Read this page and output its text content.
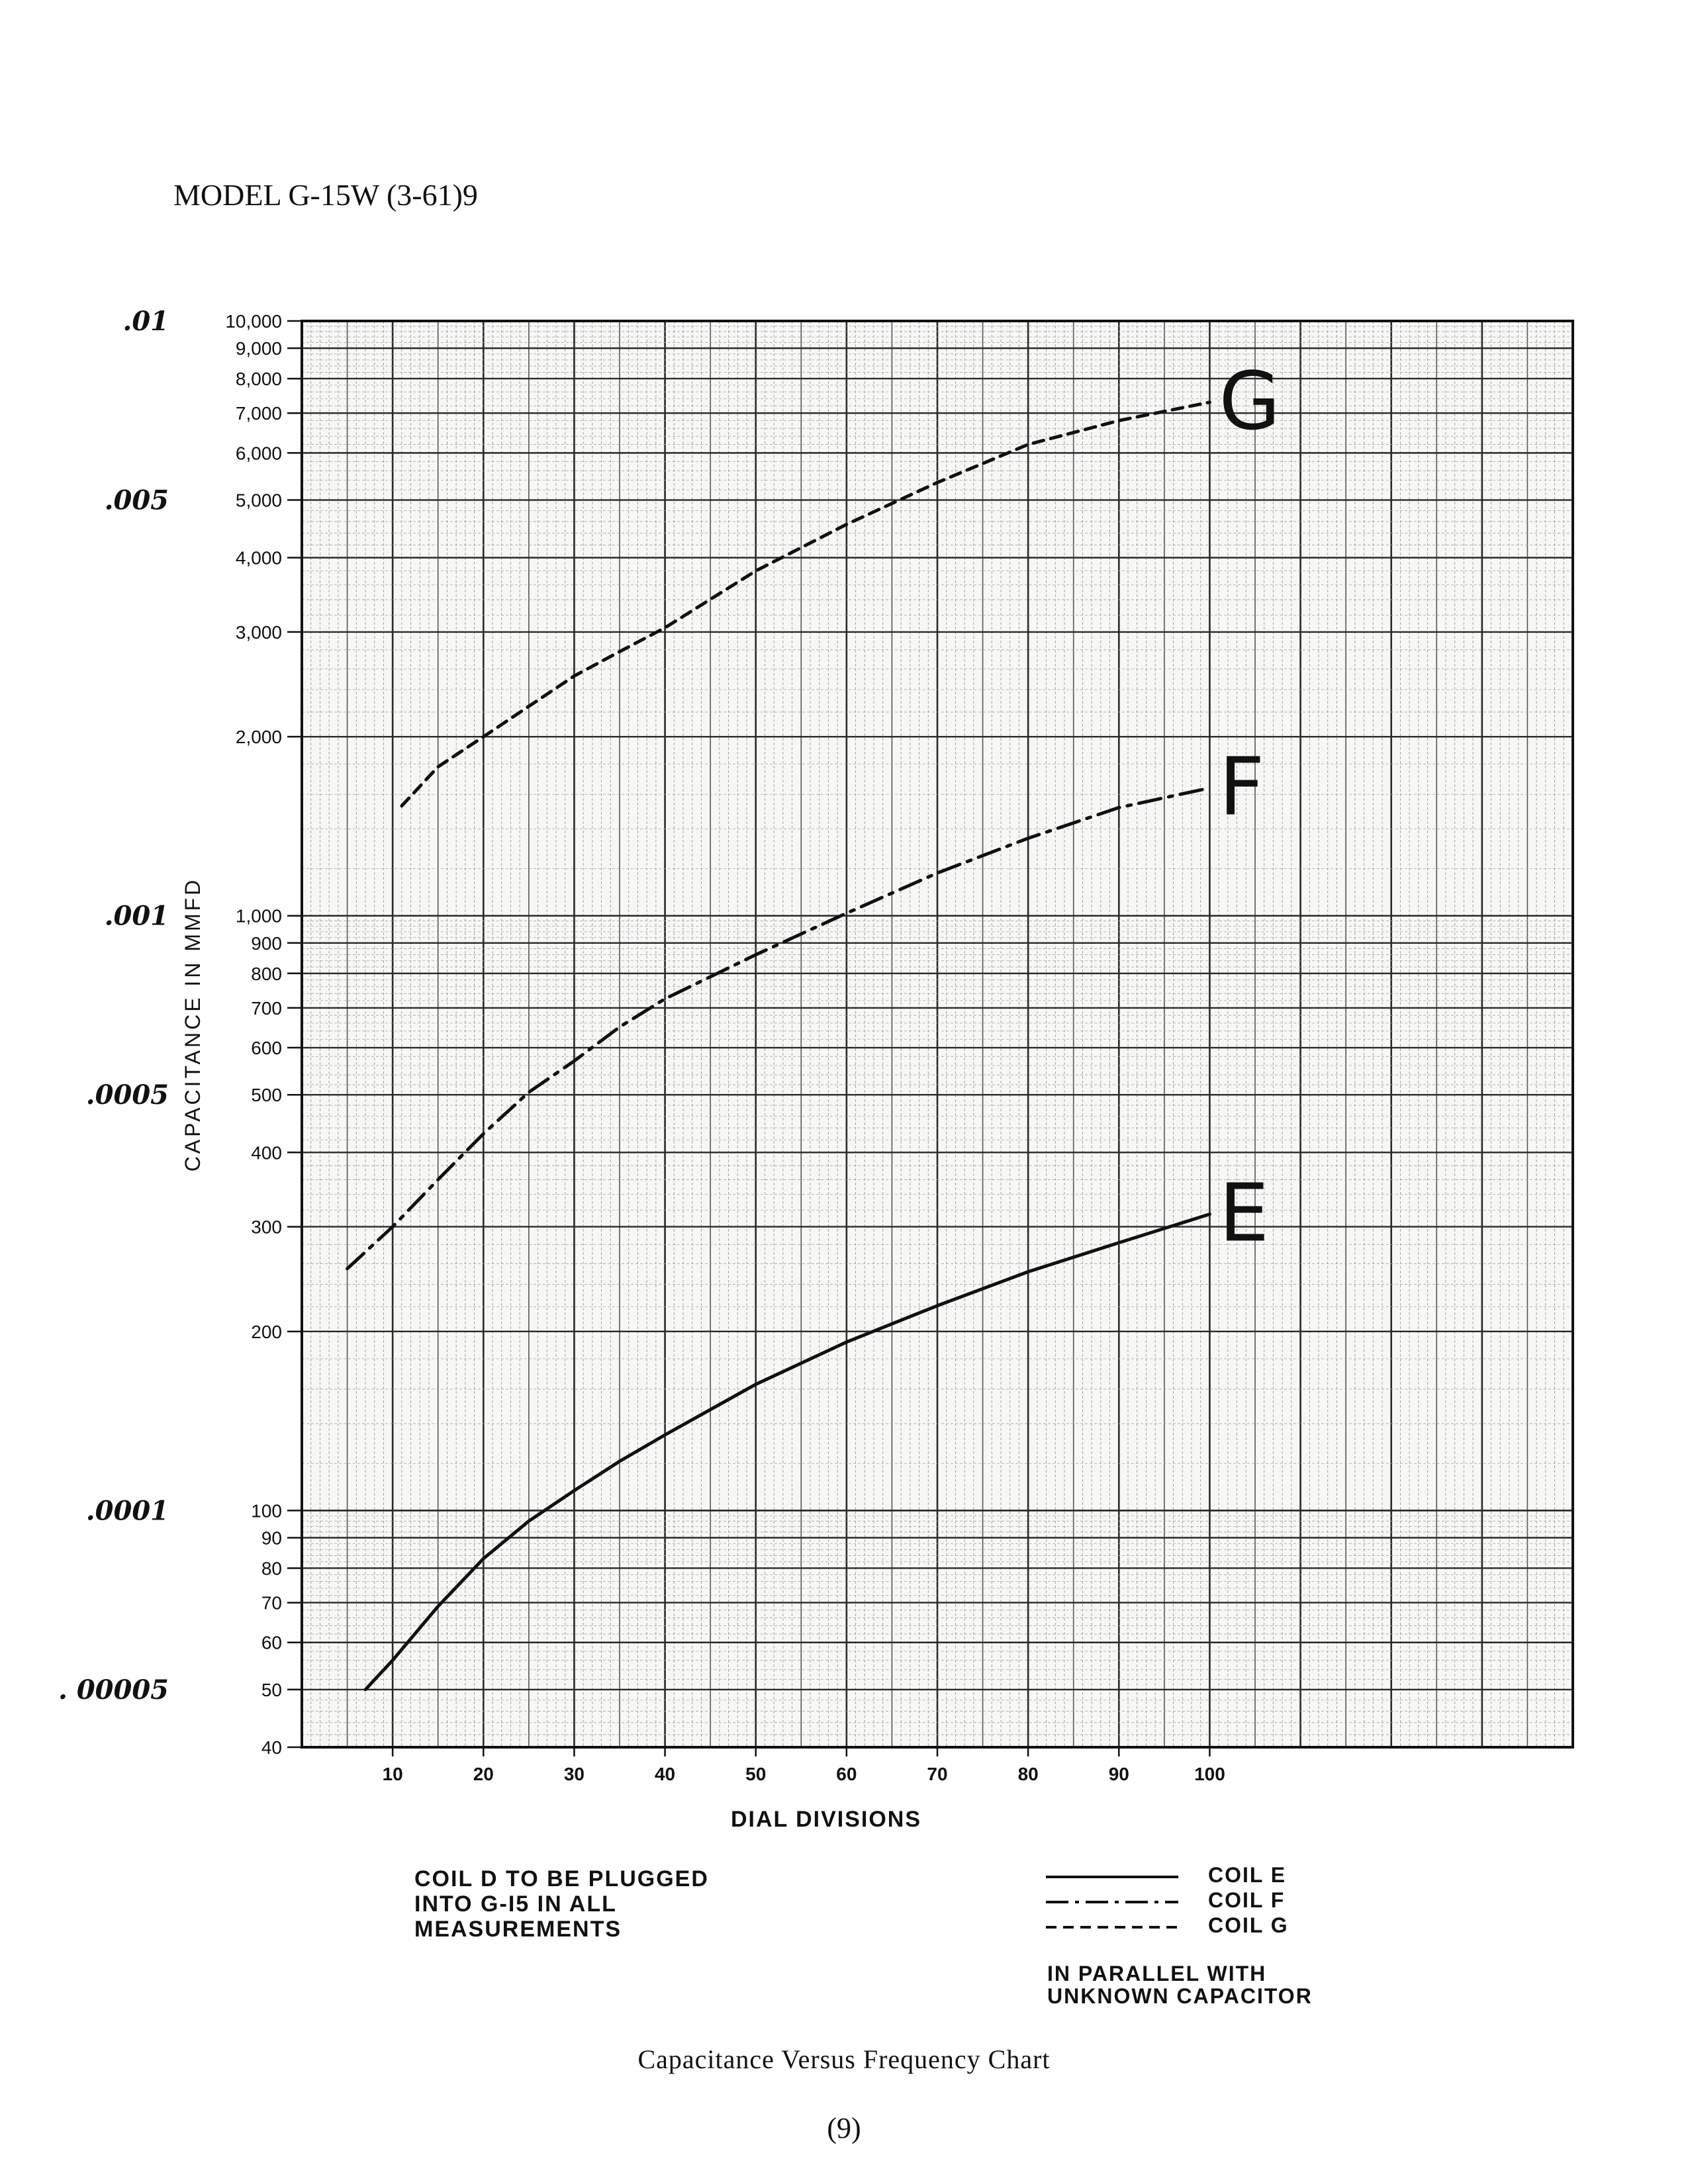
MODEL G-15W (3-61)9
10	20	30	40	50	60	70	80	90	100
40
50
60
70
80
90
100
200
300
400
500
600
700
800
900
1,000
2,000
3,000
4,000
5,000
6,000
7,000
8,000
9,000
10,000
.01
.005
.001
.0005
.0001
. 00005
DIAL DIVISIONS
CAPACITANCE IN MMFD
E
F
G
COIL D TO BE PLUGGED
INTO G-I5 IN ALL
MEASUREMENTS
COIL E
COIL F
COIL G
IN PARALLEL WITH
UNKNOWN CAPACITOR
Capacitance Versus Frequency Chart
(9)
